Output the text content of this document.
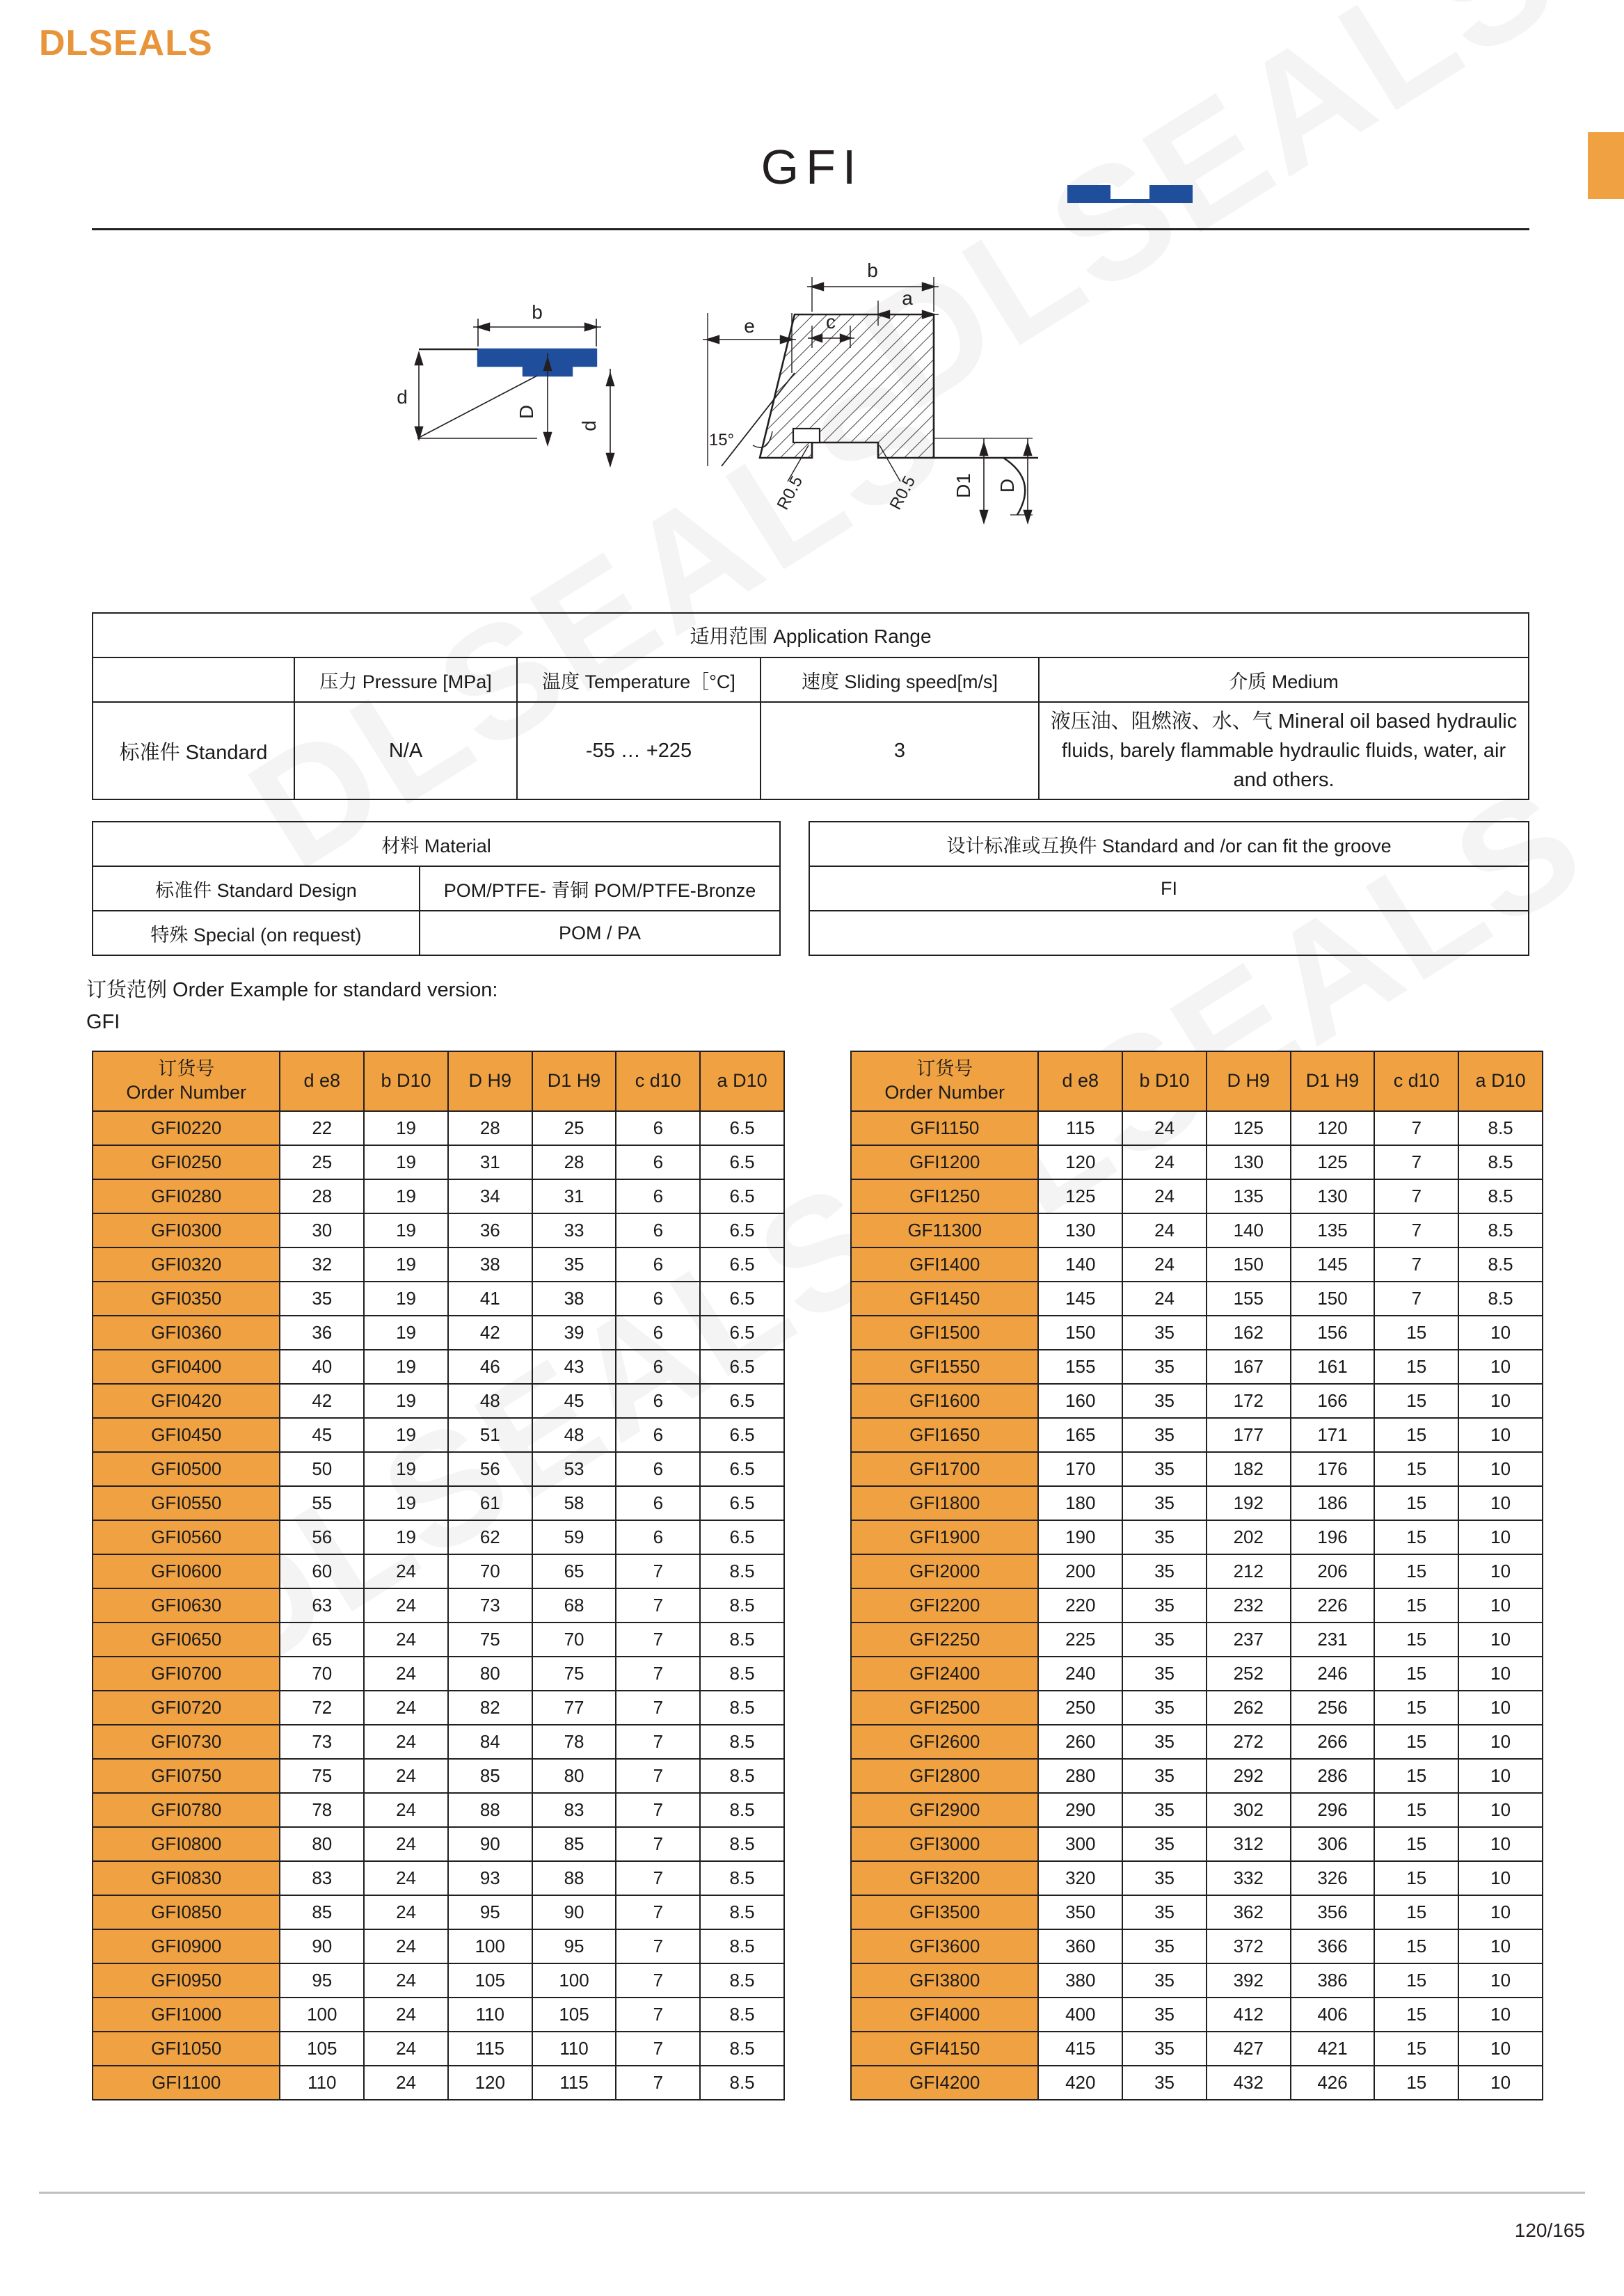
DLSEALS
GFI
b
d
D
d
15°
e
b
a
c
R0.5	R0.5 D1 D
适用范围 Application Range				
	压力 Pressure [MPa]	温度 Temperature［°C]	速度 Sliding speed[m/s]	介质 Medium
标准件 Standard	N/A	-55 … +225	3	液压油、阻燃液、水、气 Mineral oil based hydraulic fluids, barely flammable hydraulic fluids, water, air and others.
材料 Material	
标准件 Standard Design	POM/PTFE- 青铜 POM/PTFE-Bronze
特殊 Special (on request)	POM / PA
设计标准或互换件 Standard and /or can fit the groove
FI

订货范例 Order Example for standard version:
GFI
订货号
Order Number	d e8	b D10	D H9	D1 H9	c d10	a D10
GFI0220	22	19	28	25	6	6.5
GFI0250	25	19	31	28	6	6.5
GFI0280	28	19	34	31	6	6.5
GFI0300	30	19	36	33	6	6.5
GFI0320	32	19	38	35	6	6.5
GFI0350	35	19	41	38	6	6.5
GFI0360	36	19	42	39	6	6.5
GFI0400	40	19	46	43	6	6.5
GFI0420	42	19	48	45	6	6.5
GFI0450	45	19	51	48	6	6.5
GFI0500	50	19	56	53	6	6.5
GFI0550	55	19	61	58	6	6.5
GFI0560	56	19	62	59	6	6.5
GFI0600	60	24	70	65	7	8.5
GFI0630	63	24	73	68	7	8.5
GFI0650	65	24	75	70	7	8.5
GFI0700	70	24	80	75	7	8.5
GFI0720	72	24	82	77	7	8.5
GFI0730	73	24	84	78	7	8.5
GFI0750	75	24	85	80	7	8.5
GFI0780	78	24	88	83	7	8.5
GFI0800	80	24	90	85	7	8.5
GFI0830	83	24	93	88	7	8.5
GFI0850	85	24	95	90	7	8.5
GFI0900	90	24	100	95	7	8.5
GFI0950	95	24	105	100	7	8.5
GFI1000	100	24	110	105	7	8.5
GFI1050	105	24	115	110	7	8.5
GFI1100	110	24	120	115	7	8.5
订货号
Order Number	d e8	b D10	D H9	D1 H9	c d10	a D10
GFI1150	115	24	125	120	7	8.5
GFI1200	120	24	130	125	7	8.5
GFI1250	125	24	135	130	7	8.5
GF11300	130	24	140	135	7	8.5
GFI1400	140	24	150	145	7	8.5
GFI1450	145	24	155	150	7	8.5
GFI1500	150	35	162	156	15	10
GFI1550	155	35	167	161	15	10
GFI1600	160	35	172	166	15	10
GFI1650	165	35	177	171	15	10
GFI1700	170	35	182	176	15	10
GFI1800	180	35	192	186	15	10
GFI1900	190	35	202	196	15	10
GFI2000	200	35	212	206	15	10
GFI2200	220	35	232	226	15	10
GFI2250	225	35	237	231	15	10
GFI2400	240	35	252	246	15	10
GFI2500	250	35	262	256	15	10
GFI2600	260	35	272	266	15	10
GFI2800	280	35	292	286	15	10
GFI2900	290	35	302	296	15	10
GFI3000	300	35	312	306	15	10
GFI3200	320	35	332	326	15	10
GFI3500	350	35	362	356	15	10
GFI3600	360	35	372	366	15	10
GFI3800	380	35	392	386	15	10
GFI4000	400	35	412	406	15	10
GFI4150	415	35	427	421	15	10
GFI4200	420	35	432	426	15	10
120/165
